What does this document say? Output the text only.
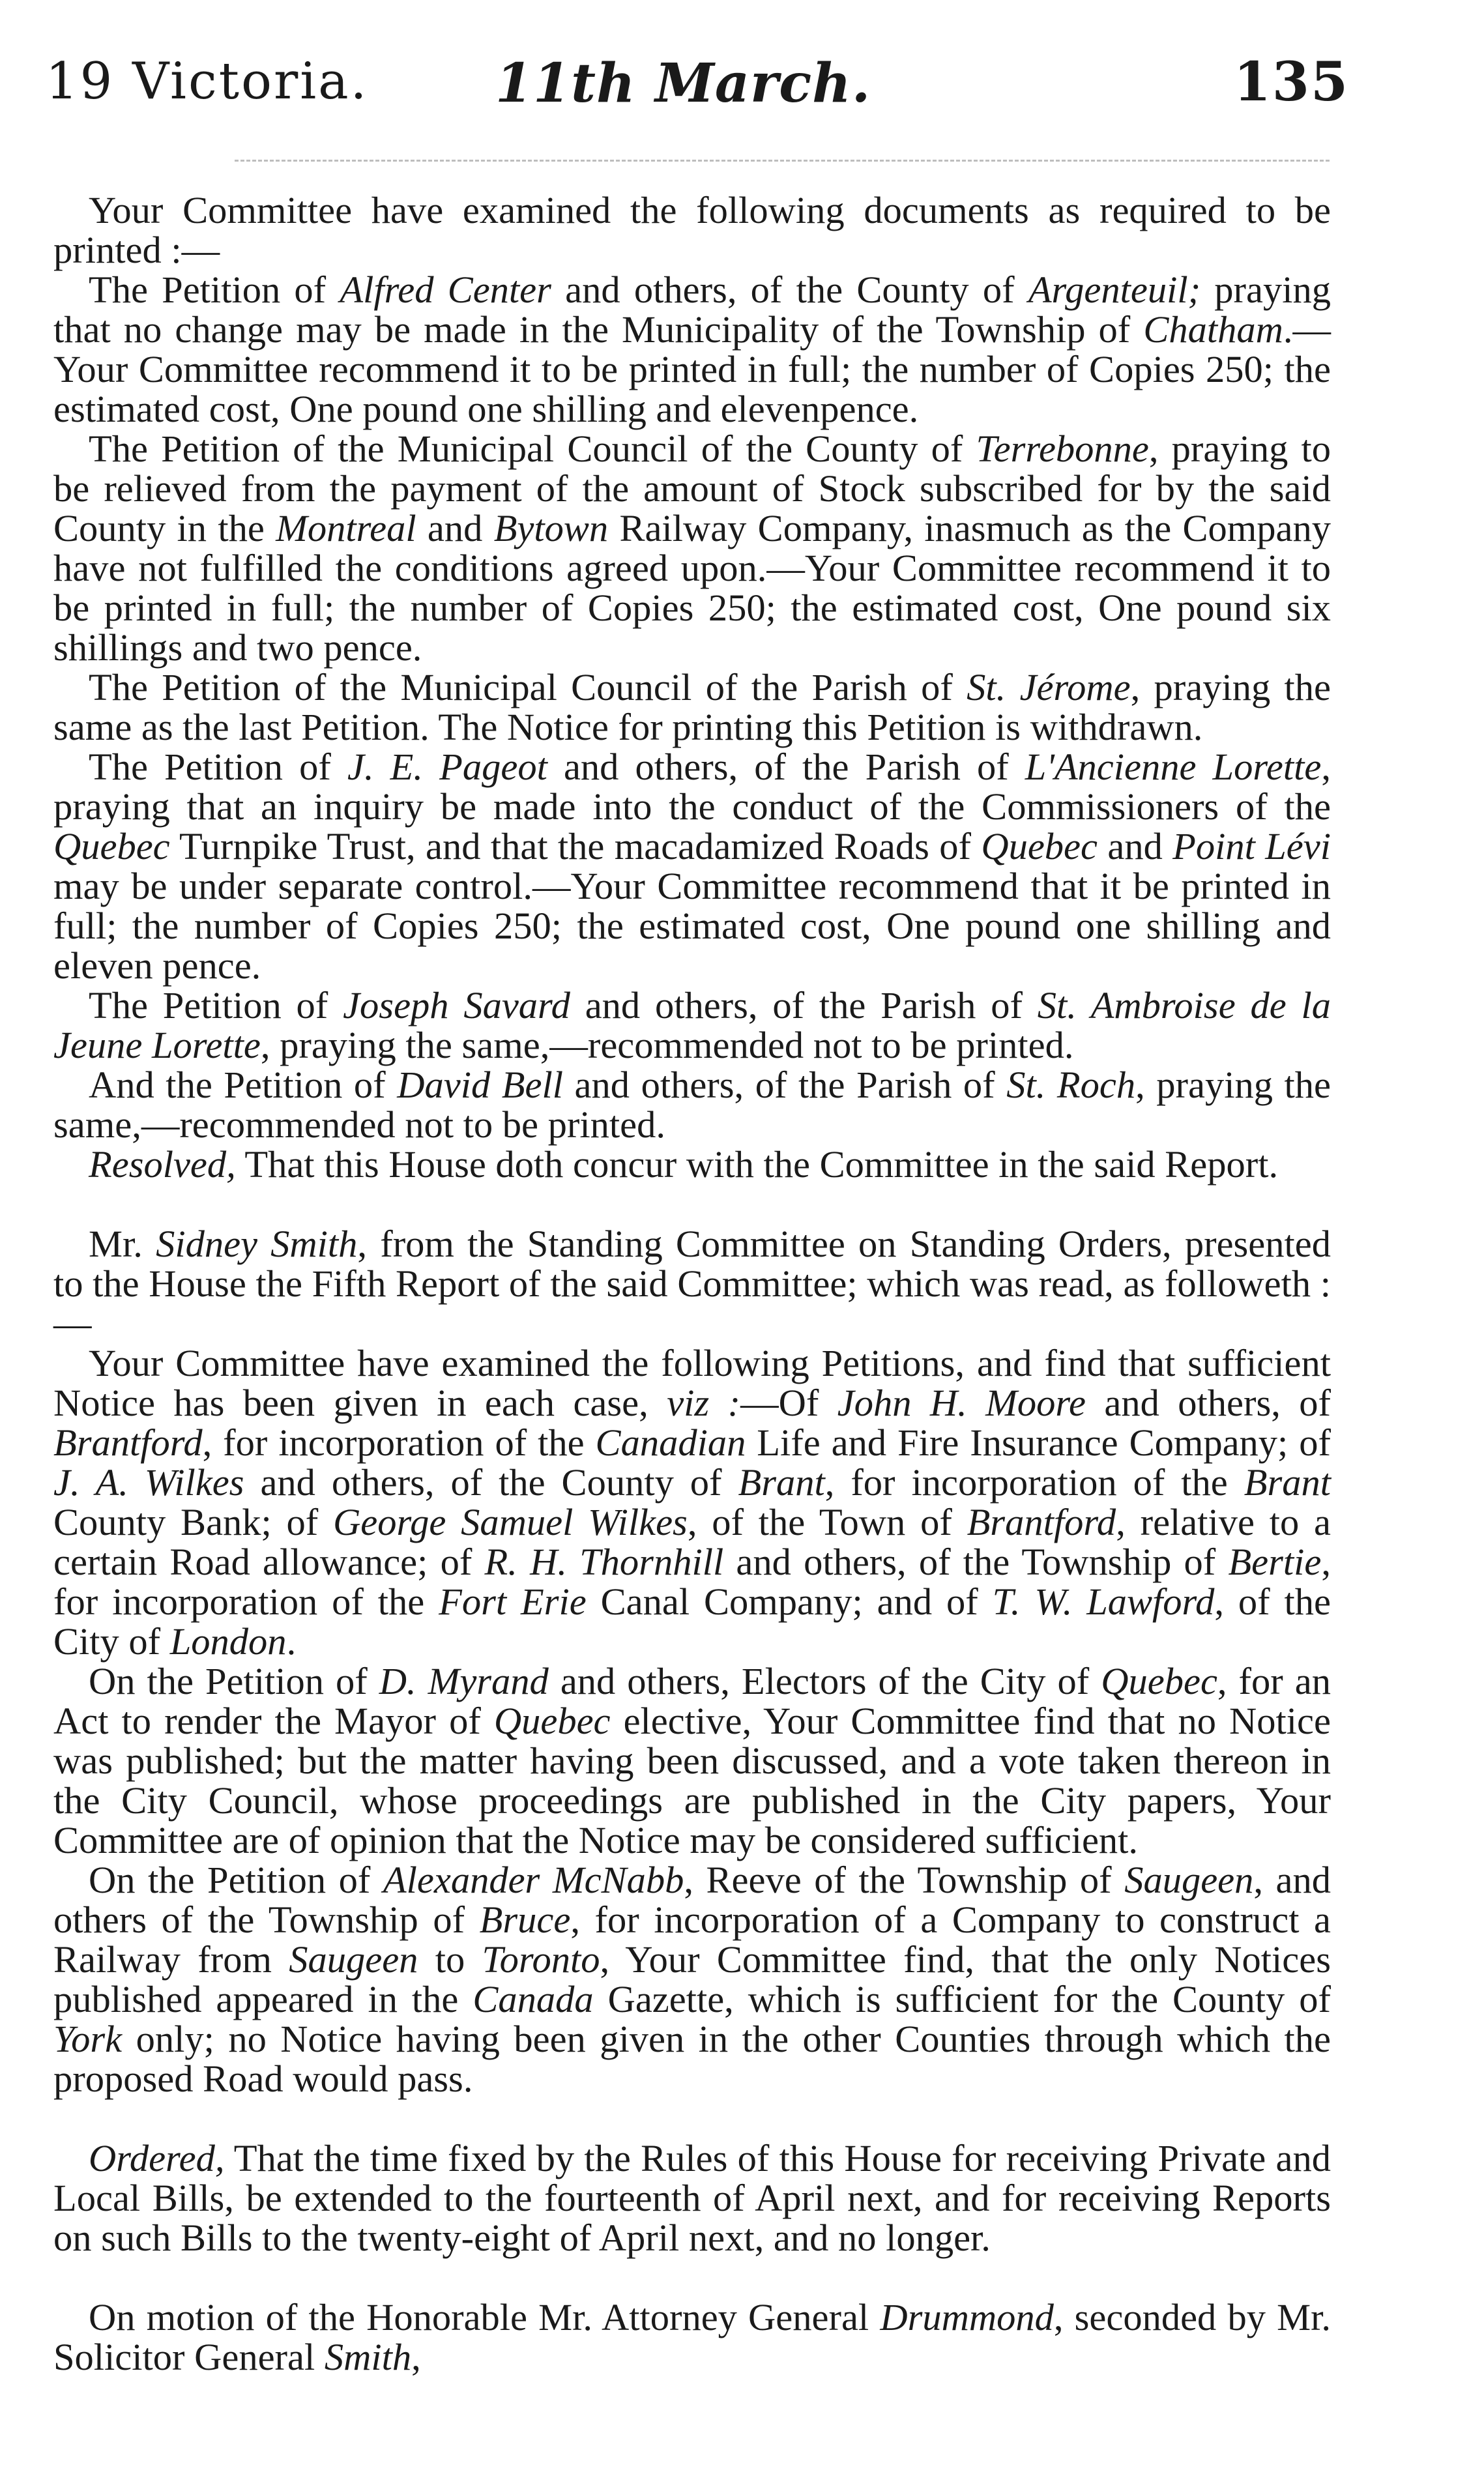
19 Victoria. 11th March.	135

Your Committee have examined the following documents as required to be printed :—

The Petition of Alfred Center and others, of the County of Argenteuil; praying that no change may be made in the Municipality of the Township of Chatham.—Your Committee recommend it to be printed in full; the number of Copies 250; the estimated cost, One pound one shilling and elevenpence.

The Petition of the Municipal Council of the County of Terrebonne, praying to be relieved from the payment of the amount of Stock subscribed for by the said County in the Montreal and Bytown Railway Company, inasmuch as the Company have not fulfilled the conditions agreed upon.—Your Committee recommend it to be printed in full; the number of Copies 250; the estimated cost, One pound six shillings and two pence.

The Petition of the Municipal Council of the Parish of St. Jérome, praying the same as the last Petition. The Notice for printing this Petition is withdrawn.

The Petition of J. E. Pageot and others, of the Parish of L'Ancienne Lorette, praying that an inquiry be made into the conduct of the Commissioners of the Quebec Turnpike Trust, and that the macadamized Roads of Quebec and Point Lévi may be under separate control.—Your Committee recommend that it be printed in full; the number of Copies 250; the estimated cost, One pound one shilling and eleven pence.

The Petition of Joseph Savard and others, of the Parish of St. Ambroise de la Jeune Lorette, praying the same,—recommended not to be printed.

And the Petition of David Bell and others, of the Parish of St. Roch, praying the same,—recommended not to be printed.

Resolved, That this House doth concur with the Committee in the said Report.

Mr. Sidney Smith, from the Standing Committee on Standing Orders, presented to the House the Fifth Report of the said Committee; which was read, as followeth :—

Your Committee have examined the following Petitions, and find that sufficient Notice has been given in each case, viz :—Of John H. Moore and others, of Brantford, for incorporation of the Canadian Life and Fire Insurance Company; of J. A. Wilkes and others, of the County of Brant, for incorporation of the Brant County Bank; of George Samuel Wilkes, of the Town of Brantford, relative to a certain Road allowance; of R. H. Thornhill and others, of the Township of Bertie, for incorporation of the Fort Erie Canal Company; and of T. W. Lawford, of the City of London.

On the Petition of D. Myrand and others, Electors of the City of Quebec, for an Act to render the Mayor of Quebec elective, Your Committee find that no Notice was published; but the matter having been discussed, and a vote taken thereon in the City Council, whose proceedings are published in the City papers, Your Committee are of opinion that the Notice may be considered sufficient.

On the Petition of Alexander McNabb, Reeve of the Township of Saugeen, and others of the Township of Bruce, for incorporation of a Company to construct a Railway from Saugeen to Toronto, Your Committee find, that the only Notices published appeared in the Canada Gazette, which is sufficient for the County of York only; no Notice having been given in the other Counties through which the proposed Road would pass.

Ordered, That the time fixed by the Rules of this House for receiving Private and Local Bills, be extended to the fourteenth of April next, and for receiving Reports on such Bills to the twenty-eight of April next, and no longer.

On motion of the Honorable Mr. Attorney General Drummond, seconded by Mr. Solicitor General Smith,
